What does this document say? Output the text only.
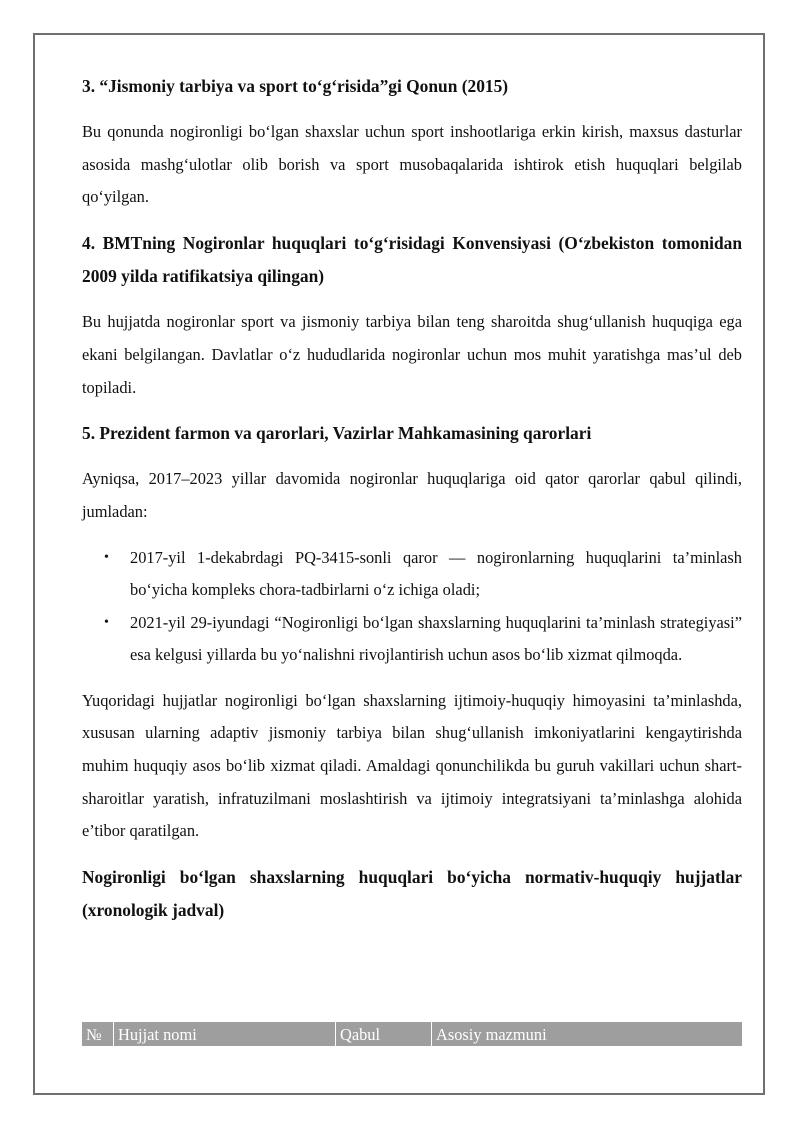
3. “Jismoniy tarbiya va sport to‘g‘risida”gi Qonun (2015)

Bu qonunda nogironligi bo‘lgan shaxslar uchun sport inshootlariga erkin kirish, maxsus dasturlar asosida mashg‘ulotlar olib borish va sport musobaqalarida ishtirok etish huquqlari belgilab qo‘yilgan.

4. BMTning Nogironlar huquqlari to‘g‘risidagi Konvensiyasi (O‘zbekiston tomonidan 2009 yilda ratifikatsiya qilingan)

Bu hujjatda nogironlar sport va jismoniy tarbiya bilan teng sharoitda shug‘ullanish huquqiga ega ekani belgilangan. Davlatlar o‘z hududlarida nogironlar uchun mos muhit yaratishga mas’ul deb topiladi.

5. Prezident farmon va qarorlari, Vazirlar Mahkamasining qarorlari

Ayniqsa, 2017–2023 yillar davomida nogironlar huquqlariga oid qator qarorlar qabul qilindi, jumladan:

• 2017-yil 1-dekabrdagi PQ-3415-sonli qaror — nogironlarning huquqlarini ta’minlash bo‘yicha kompleks chora-tadbirlarni o‘z ichiga oladi;
• 2021-yil 29-iyundagi “Nogironligi bo‘lgan shaxslarning huquqlarini ta’minlash strategiyasi” esa kelgusi yillarda bu yo‘nalishni rivojlantirish uchun asos bo‘lib xizmat qilmoqda.

Yuqoridagi hujjatlar nogironligi bo‘lgan shaxslarning ijtimoiy-huquqiy himoyasini ta’minlashda, xususan ularning adaptiv jismoniy tarbiya bilan shug‘ullanish imkoniyatlarini kengaytirishda muhim huquqiy asos bo‘lib xizmat qiladi. Amaldagi qonunchilikda bu guruh vakillari uchun shart-sharoitlar yaratish, infratuzilmani moslashtirish va ijtimoiy integratsiyani ta’minlashga alohida e’tibor qaratilgan.

Nogironligi bo‘lgan shaxslarning huquqlari bo‘yicha normativ-huquqiy hujjatlar (xronologik jadval)
№ Hujjat nomi	Qabul	Asosiy mazmuni
